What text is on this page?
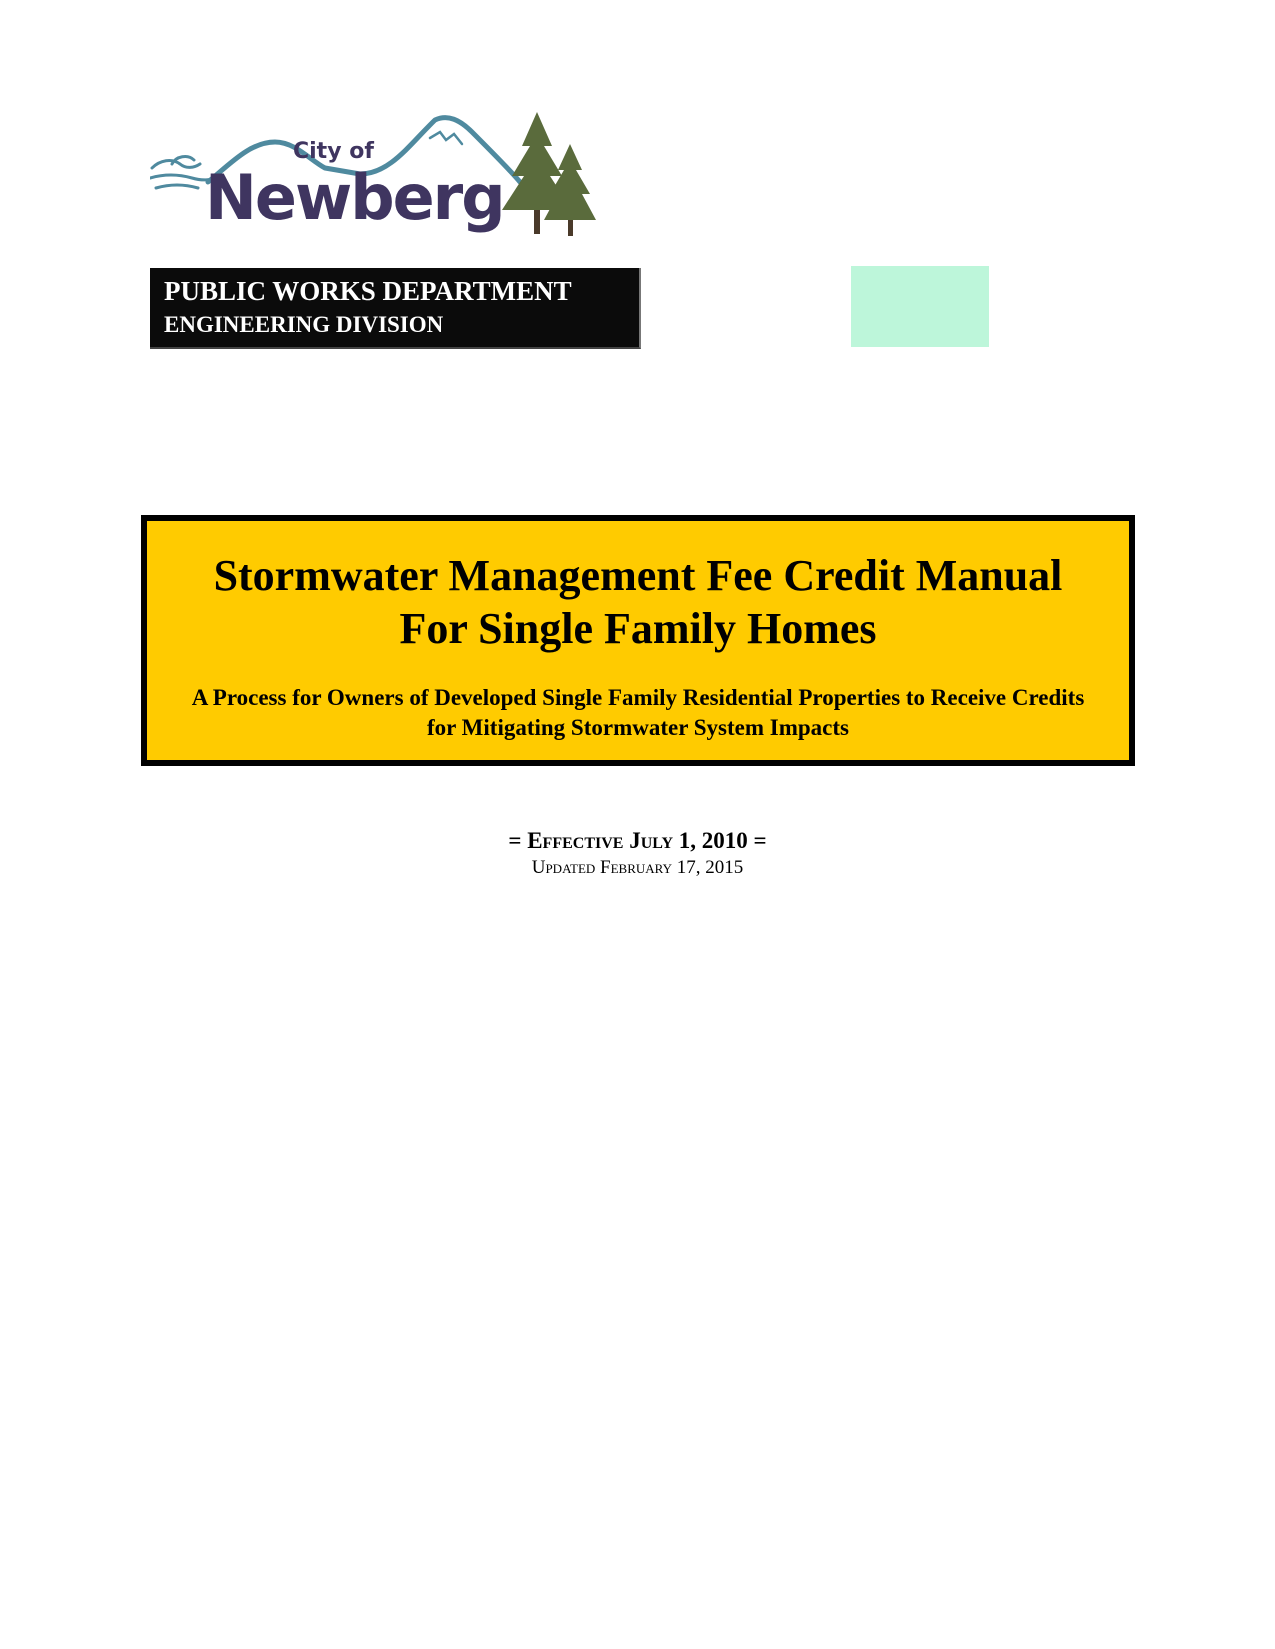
City of
Newberg
PUBLIC WORKS DEPARTMENT
ENGINEERING DIVISION
Stormwater Management Fee Credit Manual
For Single Family Homes
A Process for Owners of Developed Single Family Residential Properties to Receive Credits
for Mitigating Stormwater System Impacts
= Effective July 1, 2010 =
Updated February 17, 2015
